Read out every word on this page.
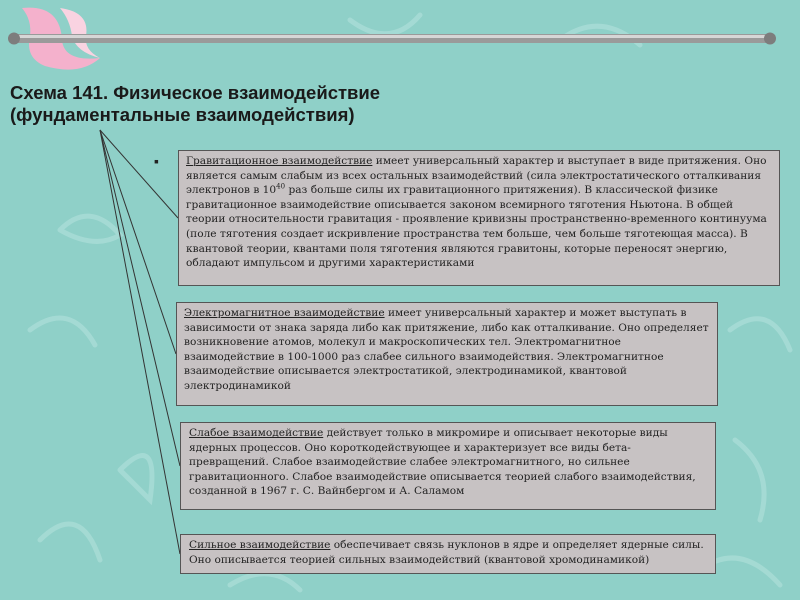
Схема 141. Физическое взаимодействие
(фундаментальные взаимодействия)
▪	Гравитационное взаимодействие имеет универсальный характер и выступает в виде притяжения. Оно является самым слабым из всех остальных взаимодействий (сила электростатического отталкивания электронов в $10^{40}$ раз больше силы их гравитационного притяжения). В классической физике гравитационное взаимодействие описывается законом всемирного тяготения Ньютона. В общей теории относительности гравитация - проявление кривизны пространственно-временного континуума (поле тяготения создает искривление пространства тем больше, чем больше тяготеющая масса). В квантовой теории, квантами поля тяготения являются гравитоны, которые переносят энергию, обладают импульсом и другими характеристиками
Электромагнитное взаимодействие имеет универсальный характер и может выступать в зависимости от знака заряда либо как притяжение, либо как отталкивание. Оно определяет возникновение атомов, молекул и макроскопических тел. Электромагнитное взаимодействие в 100-1000 раз слабее сильного взаимодействия. Электромагнитное взаимодействие описывается электростатикой, электродинамикой, квантовой электродинамикой
Слабое взаимодействие действует только в микромире и описывает некоторые виды ядерных процессов. Оно короткодействующее и характеризует все виды бета-превращений. Слабое взаимодействие слабее электромагнитного, но сильнее гравитационного. Слабое взаимодействие описывается теорией слабого взаимодействия, созданной в 1967 г. С. Вайнбергом и А. Саламом
Сильное взаимодействие обеспечивает связь нуклонов в ядре и определяет ядерные силы. Оно описывается теорией сильных взаимодействий (квантовой хромодинамикой)
